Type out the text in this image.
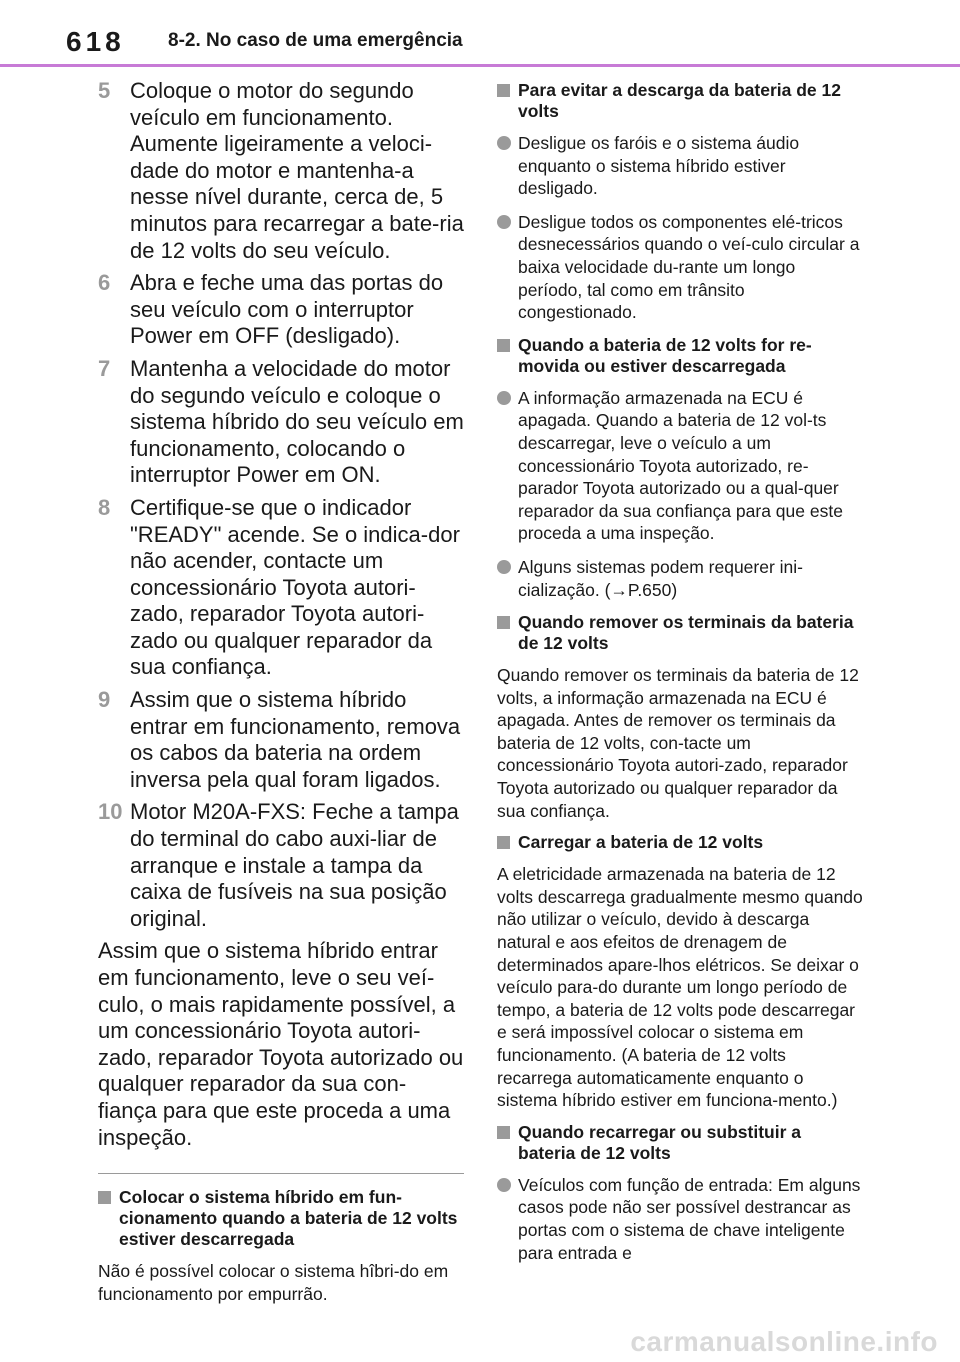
618 8-2. No caso de uma emergência
5 Coloque o motor do segundo veículo em funcionamento. Aumente ligeiramente a veloci-dade do motor e mantenha-a nesse nível durante, cerca de, 5 minutos para recarregar a bate-ria de 12 volts do seu veículo.
6 Abra e feche uma das portas do seu veículo com o interruptor Power em OFF (desligado).
7 Mantenha a velocidade do motor do segundo veículo e coloque o sistema híbrido do seu veículo em funcionamento, colocando o interruptor Power em ON.
8 Certifique-se que o indicador "READY" acende. Se o indica-dor não acender, contacte um concessionário Toyota autori-zado, reparador Toyota autori-zado ou qualquer reparador da sua confiança.
9 Assim que o sistema híbrido entrar em funcionamento, remova os cabos da bateria na ordem inversa pela qual foram ligados.
10 Motor M20A-FXS: Feche a tampa do terminal do cabo auxi-liar de arranque e instale a tampa da caixa de fusíveis na sua posição original.
Assim que o sistema híbrido entrar em funcionamento, leve o seu veí-culo, o mais rapidamente possível, a um concessionário Toyota autori-zado, reparador Toyota autorizado ou qualquer reparador da sua con-fiança para que este proceda a uma inspeção.
Colocar o sistema híbrido em fun-cionamento quando a bateria de 12 volts estiver descarregada
Não é possível colocar o sistema hîbri-do em funcionamento por empurrão.
Para evitar a descarga da bateria de 12 volts
Desligue os faróis e o sistema áudio enquanto o sistema híbrido estiver desligado.
Desligue todos os componentes elé-tricos desnecessários quando o veí-culo circular a baixa velocidade du-rante um longo período, tal como em trânsito congestionado.
Quando a bateria de 12 volts for re-movida ou estiver descarregada
A informação armazenada na ECU é apagada. Quando a bateria de 12 vol-ts descarregar, leve o veículo a um concessionário Toyota autorizado, re-parador Toyota autorizado ou a qual-quer reparador da sua confiança para que este proceda a uma inspeção.
Alguns sistemas podem requerer ini-cialização. (→P.650)
Quando remover os terminais da bateria de 12 volts
Quando remover os terminais da bateria de 12 volts, a informação armazenada na ECU é apagada. Antes de remover os terminais da bateria de 12 volts, con-tacte um concessionário Toyota autori-zado, reparador Toyota autorizado ou qualquer reparador da sua confiança.
Carregar a bateria de 12 volts
A eletricidade armazenada na bateria de 12 volts descarrega gradualmente mesmo quando não utilizar o veículo, devido à descarga natural e aos efeitos de drenagem de determinados apare-lhos elétricos. Se deixar o veículo para-do durante um longo período de tempo, a bateria de 12 volts pode descarregar e será impossível colocar o sistema em funcionamento. (A bateria de 12 volts recarrega automaticamente enquanto o sistema híbrido estiver em funciona-mento.)
Quando recarregar ou substituir a bateria de 12 volts
Veículos com função de entrada: Em alguns casos pode não ser possível destrancar as portas com o sistema de chave inteligente para entrada e
carmanualsonline.info
